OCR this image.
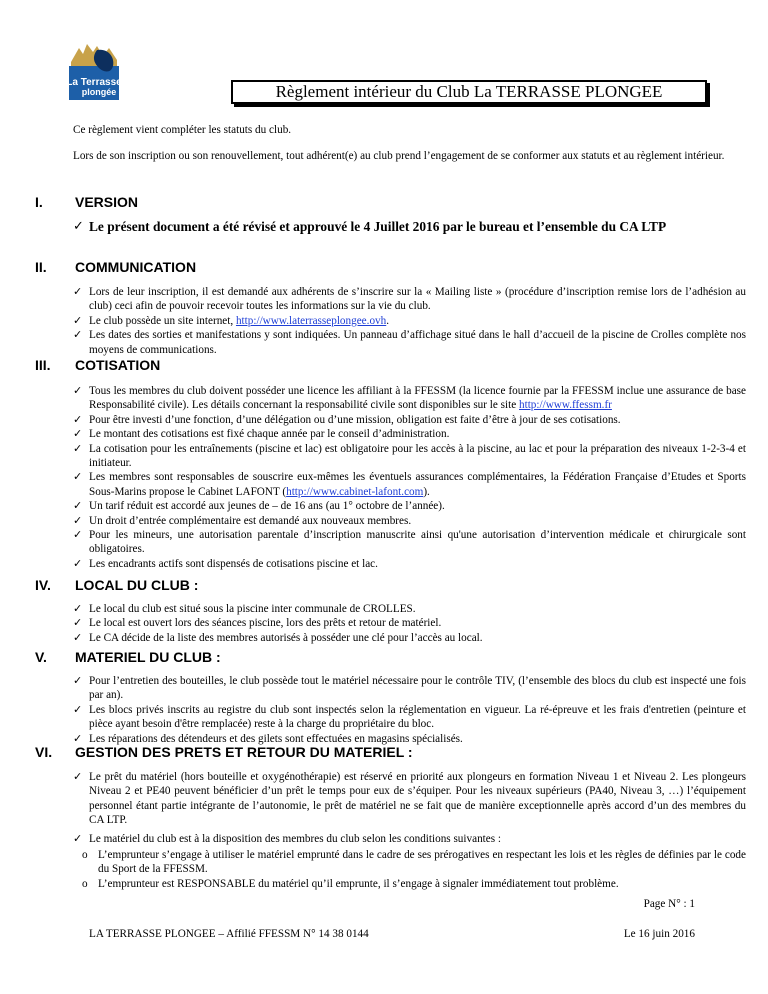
La Terrasse
plongée	Règlement intérieur du Club La TERRASSE PLONGEE
Ce règlement vient compléter les statuts du club.
Lors de son inscription ou son renouvellement, tout adhérent(e) au club prend l’engagement de se conformer aux statuts et au règlement intérieur.
I. VERSION
✓ Le présent document a été révisé et approuvé le 4 Juillet 2016 par le bureau et l’ensemble du CA LTP
II. COMMUNICATION
✓ Lors de leur inscription, il est demandé aux adhérents de s’inscrire sur la « Mailing liste » (procédure d’inscription remise lors de l’adhésion au club) ceci afin de pouvoir recevoir toutes les informations sur la vie du club.
✓ Le club possède un site internet, http://www.laterrasseplongee.ovh.
✓ Les dates des sorties et manifestations y sont indiquées. Un panneau d’affichage situé dans le hall d’accueil de la piscine de Crolles complète nos moyens de communications.
III. COTISATION
✓ Tous les membres du club doivent posséder une licence les affiliant à la FFESSM (la licence fournie par la FFESSM inclue une assurance de base Responsabilité civile). Les détails concernant la responsabilité civile sont disponibles sur le site http://www.ffessm.fr
✓ Pour être investi d’une fonction, d’une délégation ou d’une mission, obligation est faite d’être à jour de ses cotisations.
✓ Le montant des cotisations est fixé chaque année par le conseil d’administration.
✓ La cotisation pour les entraînements (piscine et lac) est obligatoire pour les accès à la piscine, au lac et pour la préparation des niveaux 1-2-3-4 et initiateur.
✓ Les membres sont responsables de souscrire eux-mêmes les éventuels assurances complémentaires, la Fédération Française d’Etudes et Sports Sous-Marins propose le Cabinet LAFONT (http://www.cabinet-lafont.com).
✓ Un tarif réduit est accordé aux jeunes de – de 16 ans (au 1° octobre de l’année).
✓ Un droit d’entrée complémentaire est demandé aux nouveaux membres.
✓ Pour les mineurs, une autorisation parentale d’inscription manuscrite ainsi qu'une autorisation d’intervention médicale et chirurgicale sont obligatoires.
✓ Les encadrants actifs sont dispensés de cotisations piscine et lac.
IV. LOCAL DU CLUB :
✓ Le local du club est situé sous la piscine inter communale de CROLLES.
✓ Le local est ouvert lors des séances piscine, lors des prêts et retour de matériel.
✓ Le CA décide de la liste des membres autorisés à posséder une clé pour l’accès au local.
V. MATERIEL DU CLUB :
✓ Pour l’entretien des bouteilles, le club possède tout le matériel nécessaire pour le contrôle TIV, (l’ensemble des blocs du club est inspecté une fois par an).
✓ Les blocs privés inscrits au registre du club sont inspectés selon la réglementation en vigueur. La ré-épreuve et les frais d'entretien (peinture et pièce ayant besoin d'être remplacée) reste à la charge du propriétaire du bloc.
✓ Les réparations des détendeurs et des gilets sont effectuées en magasins spécialisés.
VI. GESTION DES PRETS ET RETOUR DU MATERIEL :
✓ Le prêt du matériel (hors bouteille et oxygénothérapie) est réservé en priorité aux plongeurs en formation Niveau 1 et Niveau 2. Les plongeurs Niveau 2 et PE40 peuvent bénéficier d’un prêt le temps pour eux de s’équiper. Pour les niveaux supérieurs (PA40, Niveau 3, …) l’équipement personnel étant partie intégrante de l’autonomie, le prêt de matériel ne se fait que de manière exceptionnelle après accord d’un des membres du CA LTP.
✓ Le matériel du club est à la disposition des membres du club selon les conditions suivantes :
o L’emprunteur s’engage à utiliser le matériel emprunté dans le cadre de ses prérogatives en respectant les lois et les règles de définies par le code du Sport de la FFESSM.
o L’emprunteur est RESPONSABLE du matériel qu’il emprunte, il s’engage à signaler immédiatement tout problème.
Page N° : 1
LA TERRASSE PLONGEE – Affilié FFESSM N° 14 38 0144	Le 16 juin 2016
